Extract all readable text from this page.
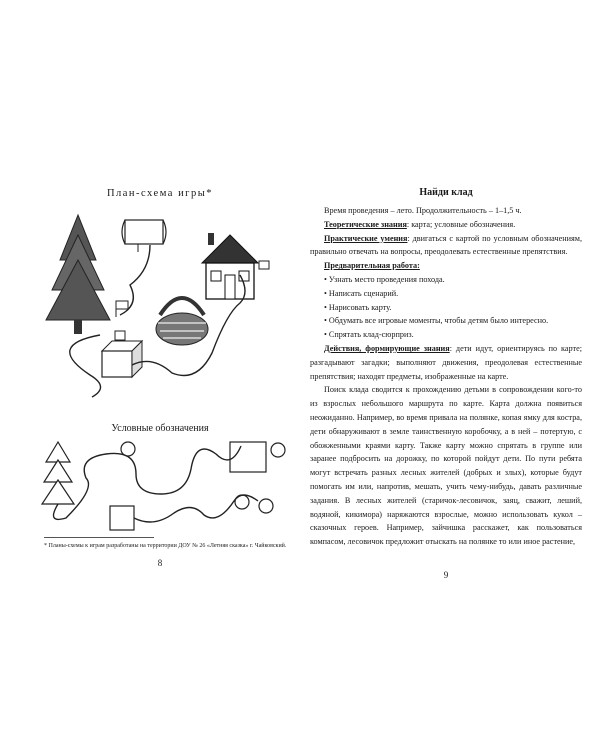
План-схема игры*
Условные обозначения
* Планы-схемы к играм разработаны на территории ДОУ № 26 «Летняя сказка» г. Чайковский.
8
Найди клад

Время проведения – лето. Продолжительность – 1–1,5 ч.

Теоретические знания: карта; условные обозначения.

Практические умения: двигаться с картой по условным обозначениям, правильно отвечать на вопросы, преодолевать естественные препятствия.

Предварительная работа:

• Узнать место проведения похода.

• Написать сценарий.

• Нарисовать карту.

• Обдумать все игровые моменты, чтобы детям было интересно.

• Спрятать клад-сюрприз.

Действия, формирующие знания: дети идут, ориентируясь по карте; разгадывают загадки; выполняют движения, преодолевая естественные препятствия; находят предметы, изображенные на карте.

Поиск клада сводится к прохождению детьми в сопровождении кого-то из взрослых небольшого маршрута по карте. Карта должна появиться неожиданно. Например, во время привала на полянке, копая ямку для костра, дети обнаруживают в земле таинственную коробочку, а в ней – потертую, с обожженными краями карту. Также карту можно спрятать в группе или заранее подбросить на дорожку, по которой пойдут дети. По пути ребята могут встречать разных лесных жителей (добрых и злых), которые будут помогать им или, напротив, мешать, учить чему-нибудь, давать различные задания. В лесных жителей (старичок-лесовичок, заяц, сважит, леший, водяной, кикимора) наряжаются взрослые, можно использовать кукол – сказочных героев. Например, зайчишка расскажет, как пользоваться компасом, лесовичок предложит отыскать на полянке то или иное растение,

9
